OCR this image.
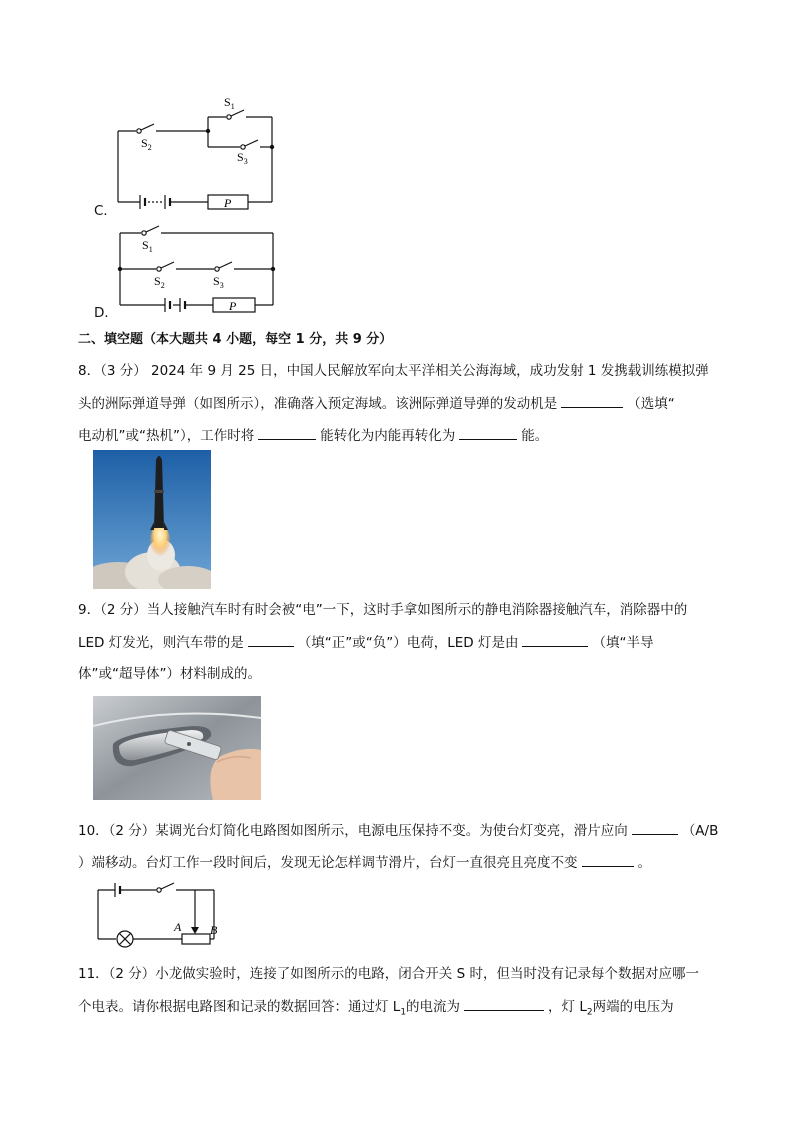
C．
$S_1$
$S_2$
$S_3$
P
D．
$S_1$
$S_2$	$S_3$
P
二、填空题（本大题共 4 小题，每空 1 分，共 9 分）
8．（3 分） 2024 年 9 月 25 日，中国人民解放军向太平洋相关公海海域，成功发射 1 发携载训练模拟弹
头的洲际弹道导弹（如图所示），准确落入预定海域。该洲际弹道导弹的发动机是	（选填“
电动机”或“热机”），工作时将	能转化为内能再转化为	能。
9．（2 分）当人接触汽车时有时会被“电”一下，这时手拿如图所示的静电消除器接触汽车，消除器中的
LED 灯发光，则汽车带的是	（填“正”或“负”）电荷，LED 灯是由	（填“半导
体”或“超导体”）材料制成的。
10．（2 分）某调光台灯简化电路图如图所示，电源电压保持不变。为使台灯变亮，滑片应向	（A/B
）端移动。台灯工作一段时间后，发现无论怎样调节滑片，台灯一直很亮且亮度不变	。
A B
11．（2 分）小龙做实验时，连接了如图所示的电路，闭合开关 S 时，但当时没有记录每个数据对应哪一
个电表。请你根据电路图和记录的数据回答：通过灯 $L_1$的电流为	，灯 $L_2$两端的电压为
